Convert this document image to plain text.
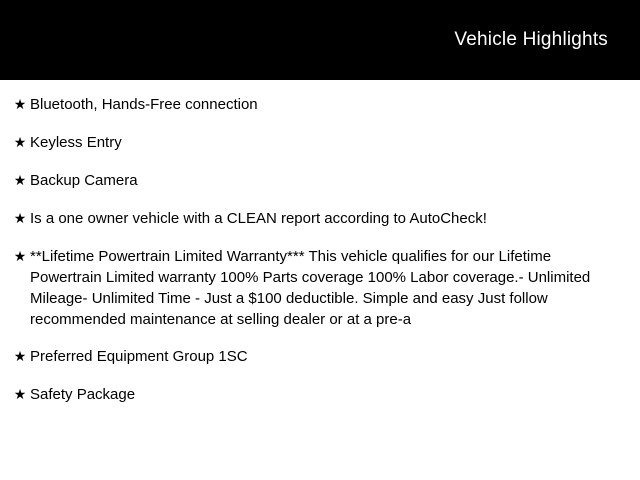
Vehicle Highlights
★ Bluetooth, Hands-Free connection
★ Keyless Entry
★ Backup Camera
★ Is a one owner vehicle with a CLEAN report according to AutoCheck!
★ **Lifetime Powertrain Limited Warranty*** This vehicle qualifies for our Lifetime Powertrain Limited warranty 100% Parts coverage 100% Labor coverage.- Unlimited Mileage- Unlimited Time - Just a $100 deductible. Simple and easy Just follow recommended maintenance at selling dealer or at a pre-a
★ Preferred Equipment Group 1SC
★ Safety Package
